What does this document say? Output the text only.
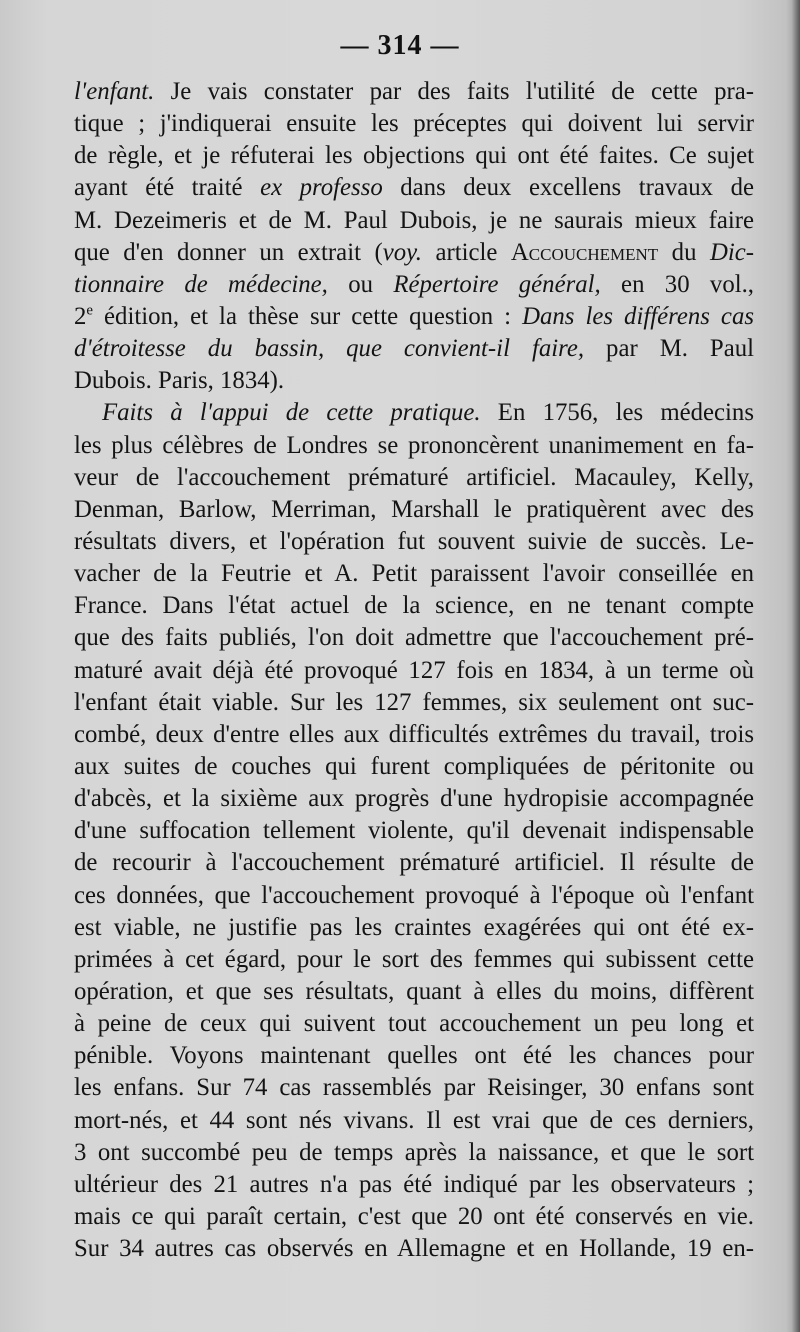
— 314 —
l'enfant. Je vais constater par des faits l'utilité de cette pra-
tique ; j'indiquerai ensuite les préceptes qui doivent lui servir
de règle, et je réfuterai les objections qui ont été faites. Ce sujet
ayant été traité ex professo dans deux excellens travaux de
M. Dezeimeris et de M. Paul Dubois, je ne saurais mieux faire
que d'en donner un extrait (voy. article Accouchement du Dic-
tionnaire de médecine, ou Répertoire général, en 30 vol.,
2e édition, et la thèse sur cette question : Dans les différens cas
d'étroitesse du bassin, que convient-il faire, par M. Paul
Dubois. Paris, 1834).
Faits à l'appui de cette pratique. En 1756, les médecins
les plus célèbres de Londres se prononcèrent unanimement en fa-
veur de l'accouchement prématuré artificiel. Macauley, Kelly,
Denman, Barlow, Merriman, Marshall le pratiquèrent avec des
résultats divers, et l'opération fut souvent suivie de succès. Le-
vacher de la Feutrie et A. Petit paraissent l'avoir conseillée en
France. Dans l'état actuel de la science, en ne tenant compte
que des faits publiés, l'on doit admettre que l'accouchement pré-
maturé avait déjà été provoqué 127 fois en 1834, à un terme où
l'enfant était viable. Sur les 127 femmes, six seulement ont suc-
combé, deux d'entre elles aux difficultés extrêmes du travail, trois
aux suites de couches qui furent compliquées de péritonite ou
d'abcès, et la sixième aux progrès d'une hydropisie accompagnée
d'une suffocation tellement violente, qu'il devenait indispensable
de recourir à l'accouchement prématuré artificiel. Il résulte de
ces données, que l'accouchement provoqué à l'époque où l'enfant
est viable, ne justifie pas les craintes exagérées qui ont été ex-
primées à cet égard, pour le sort des femmes qui subissent cette
opération, et que ses résultats, quant à elles du moins, diffèrent
à peine de ceux qui suivent tout accouchement un peu long et
pénible. Voyons maintenant quelles ont été les chances pour
les enfans. Sur 74 cas rassemblés par Reisinger, 30 enfans sont
mort-nés, et 44 sont nés vivans. Il est vrai que de ces derniers,
3 ont succombé peu de temps après la naissance, et que le sort
ultérieur des 21 autres n'a pas été indiqué par les observateurs ;
mais ce qui paraît certain, c'est que 20 ont été conservés en vie.
Sur 34 autres cas observés en Allemagne et en Hollande, 19 en-
